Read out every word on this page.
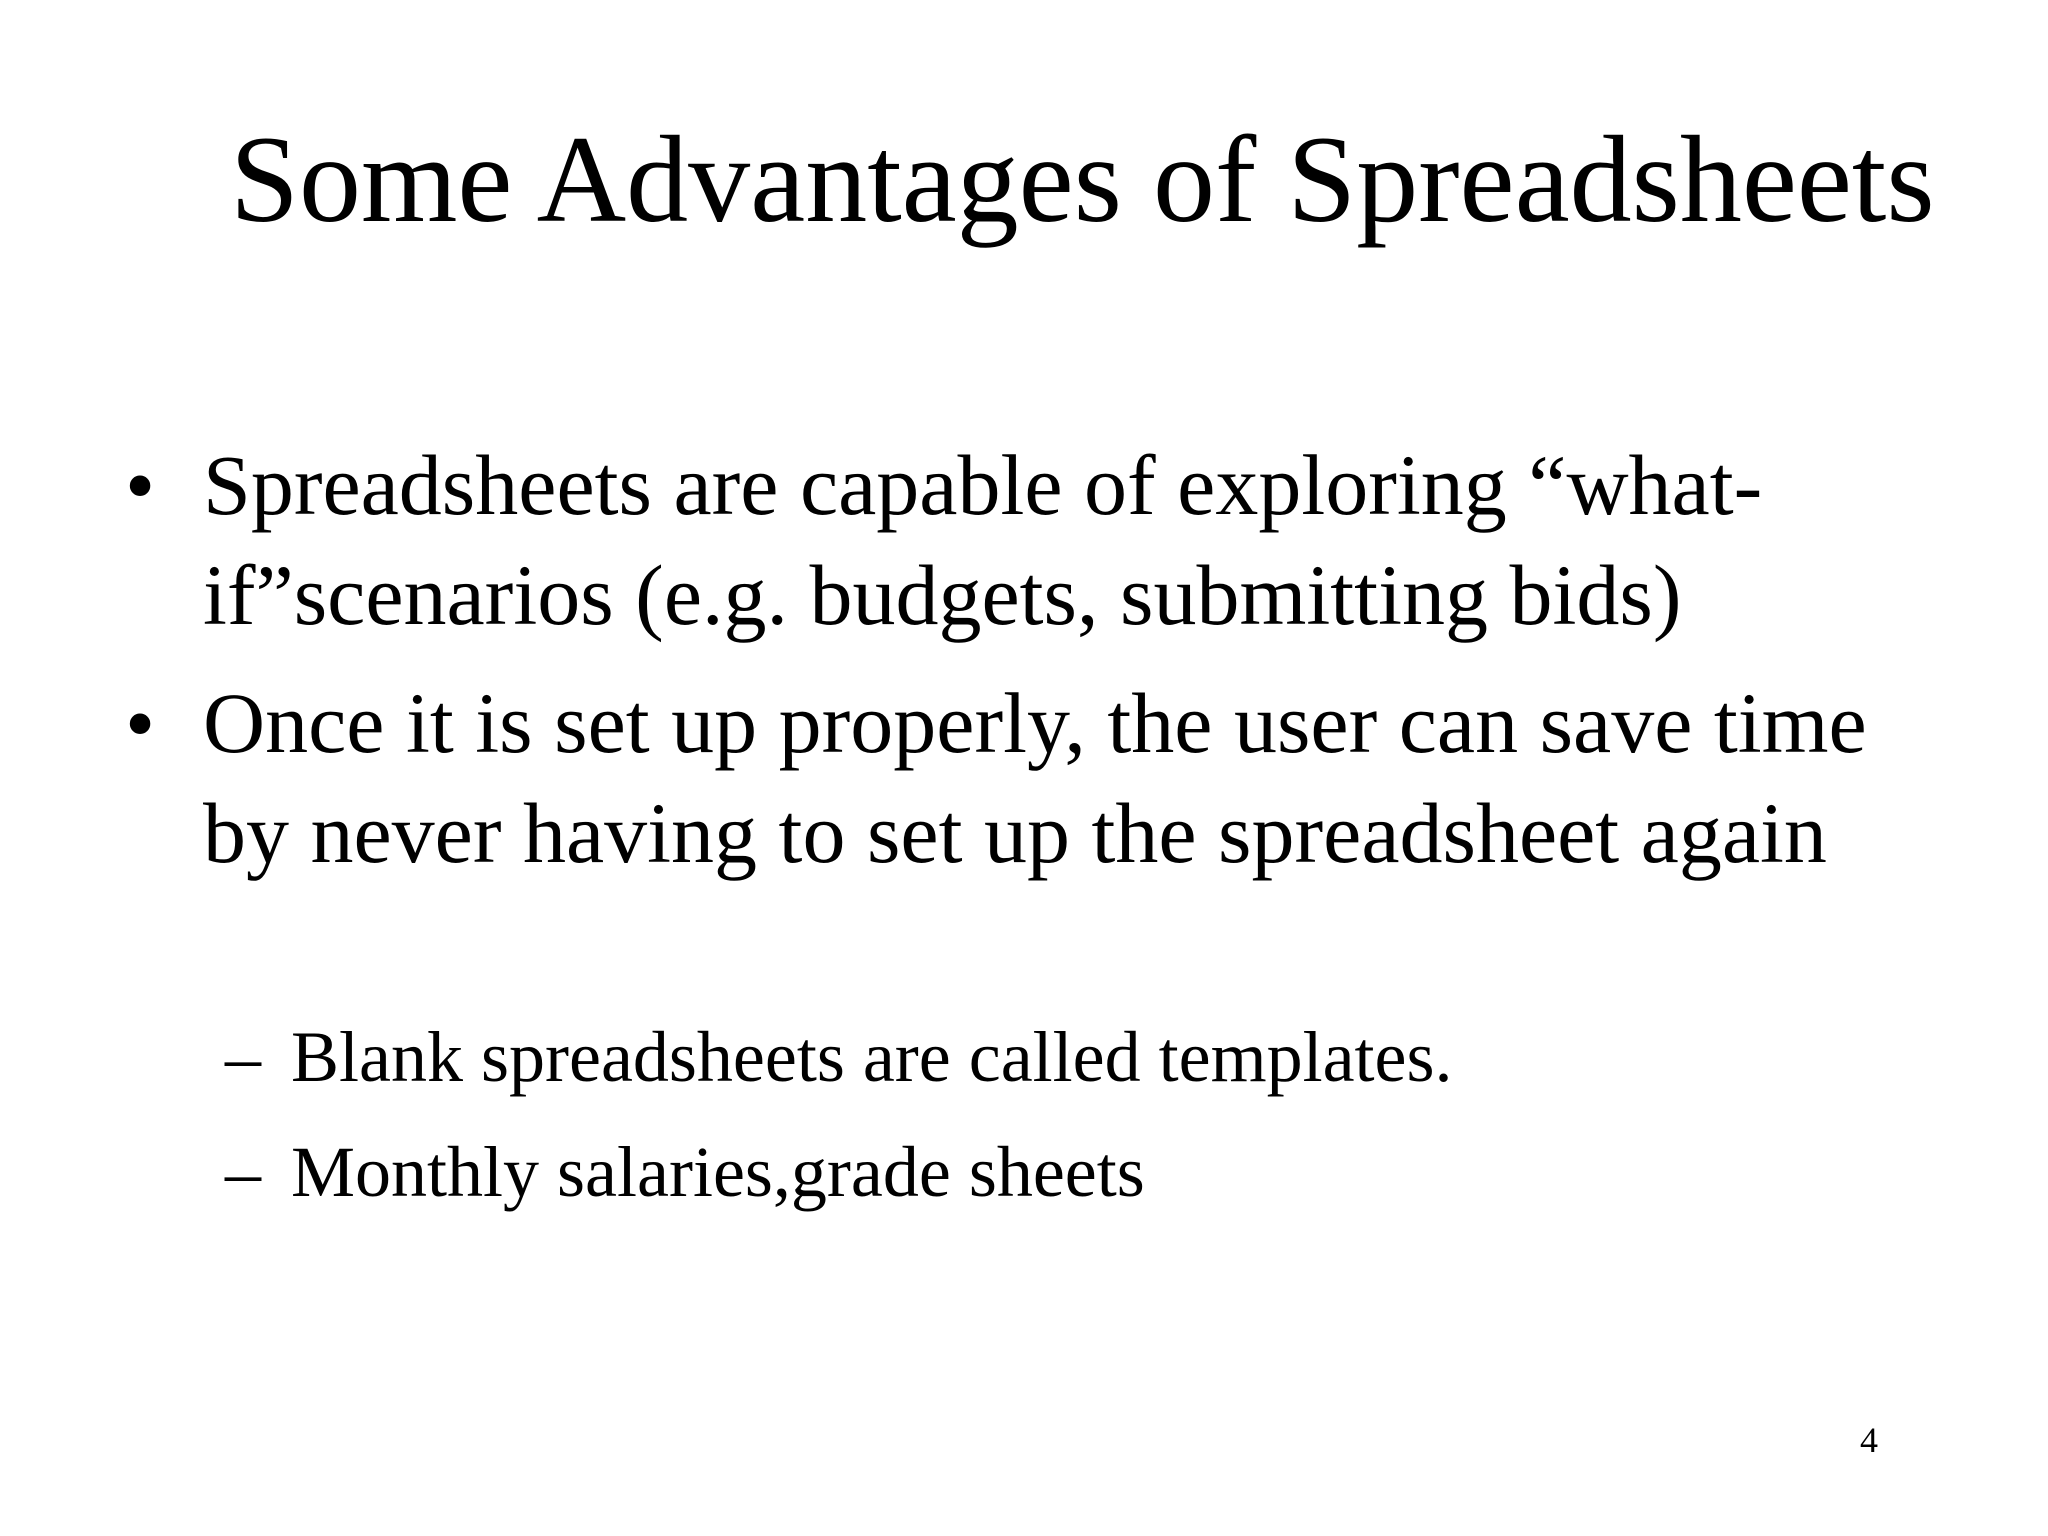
Some Advantages of Spreadsheets
• Spreadsheets are capable of exploring “what-if”scenarios (e.g. budgets, submitting bids)
• Once it is set up properly, the user can save time by never having to set up the spreadsheet again
– Blank spreadsheets are called templates.
– Monthly salaries,grade sheets
4
